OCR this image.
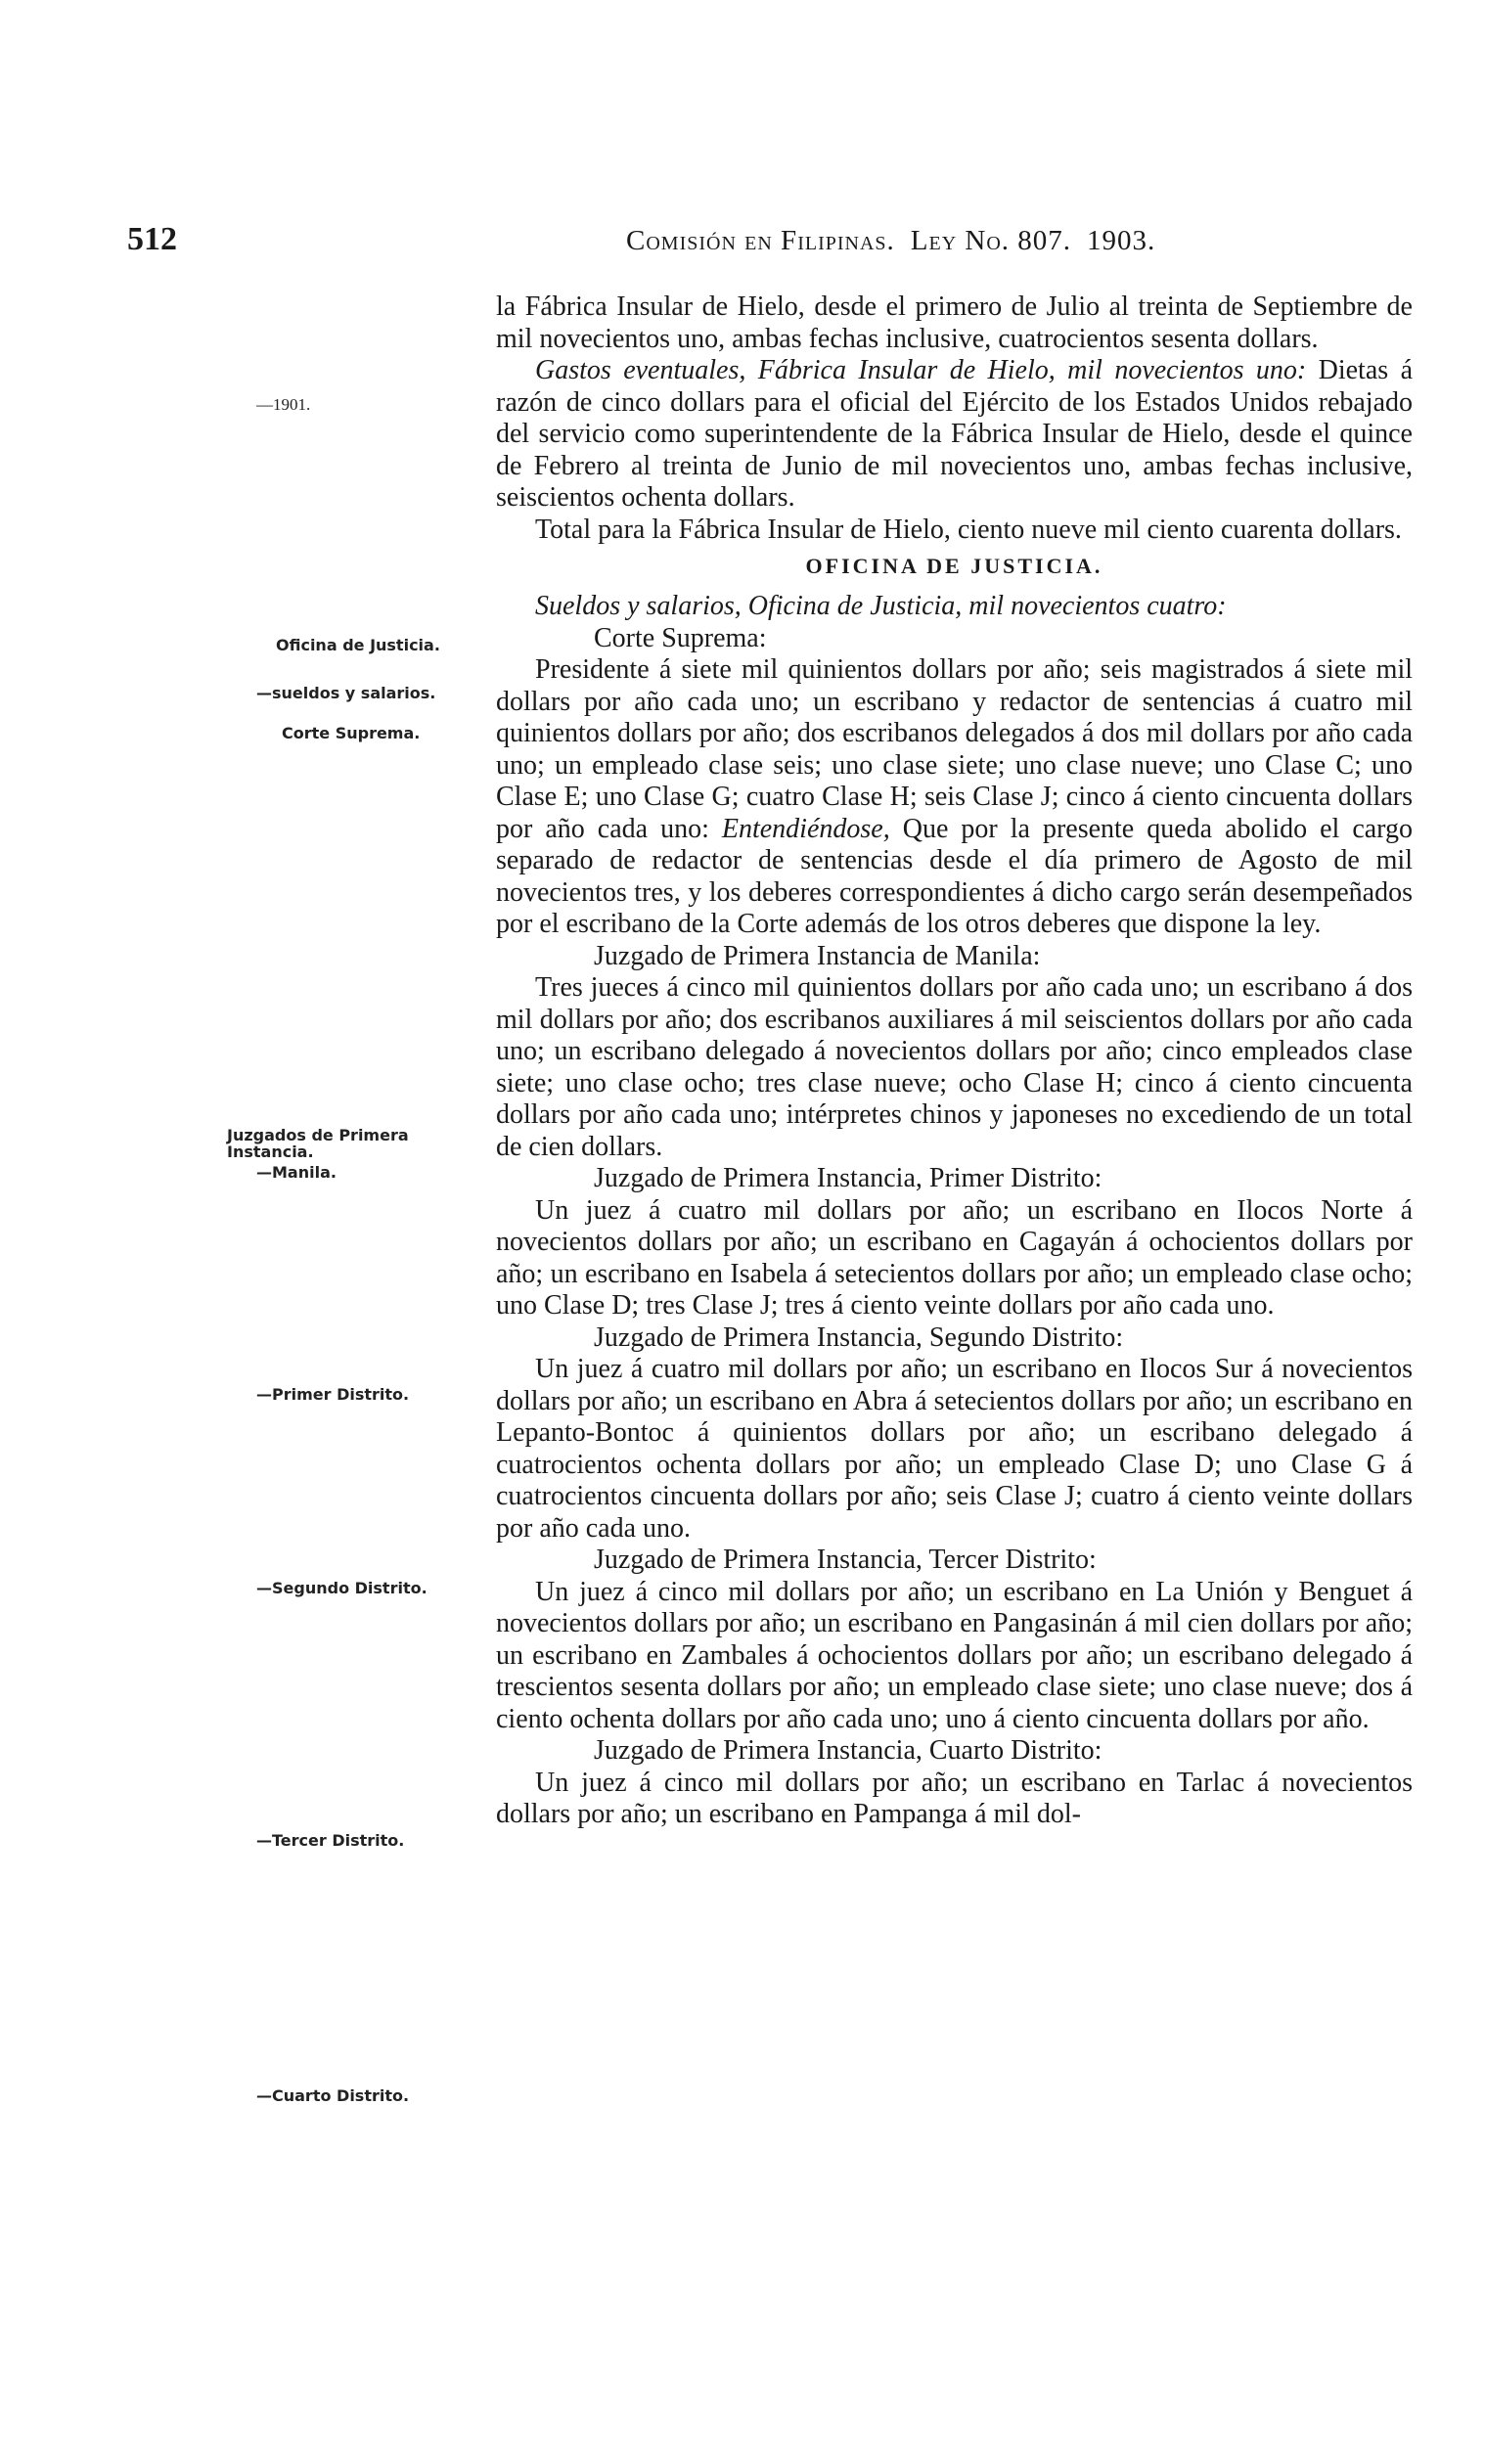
512	Comisión en Filipinas. Ley No. 807. 1903.
—1901.
Oficina de Justicia.
—sueldos y salarios.
Corte Suprema.
Juzgados de Primera Instancia.
—Manila.
—Primer Distrito.
—Segundo Distrito.
—Tercer Distrito.
—Cuarto Distrito.

la Fábrica Insular de Hielo, desde el primero de Julio al treinta de Septiembre de mil novecientos uno, ambas fechas inclusive, cuatrocientos sesenta dollars.

Gastos eventuales, Fábrica Insular de Hielo, mil novecientos uno: Dietas á razón de cinco dollars para el oficial del Ejército de los Estados Unidos rebajado del servicio como superintendente de la Fábrica Insular de Hielo, desde el quince de Febrero al treinta de Junio de mil novecientos uno, ambas fechas inclusive, seiscientos ochenta dollars.

Total para la Fábrica Insular de Hielo, ciento nueve mil ciento cuarenta dollars.

OFICINA DE JUSTICIA.

Sueldos y salarios, Oficina de Justicia, mil novecientos cuatro:

Corte Suprema:

Presidente á siete mil quinientos dollars por año; seis magistrados á siete mil dollars por año cada uno; un escribano y redactor de sentencias á cuatro mil quinientos dollars por año; dos escribanos delegados á dos mil dollars por año cada uno; un empleado clase seis; uno clase siete; uno clase nueve; uno Clase C; uno Clase E; uno Clase G; cuatro Clase H; seis Clase J; cinco á ciento cincuenta dollars por año cada uno: Entendiéndose, Que por la presente queda abolido el cargo separado de redactor de sentencias desde el día primero de Agosto de mil novecientos tres, y los deberes correspondientes á dicho cargo serán desempeñados por el escribano de la Corte además de los otros deberes que dispone la ley.

Juzgado de Primera Instancia de Manila:

Tres jueces á cinco mil quinientos dollars por año cada uno; un escribano á dos mil dollars por año; dos escribanos auxiliares á mil seiscientos dollars por año cada uno; un escribano delegado á novecientos dollars por año; cinco empleados clase siete; uno clase ocho; tres clase nueve; ocho Clase H; cinco á ciento cincuenta dollars por año cada uno; intérpretes chinos y japoneses no excediendo de un total de cien dollars.

Juzgado de Primera Instancia, Primer Distrito:

Un juez á cuatro mil dollars por año; un escribano en Ilocos Norte á novecientos dollars por año; un escribano en Cagayán á ochocientos dollars por año; un escribano en Isabela á setecientos dollars por año; un empleado clase ocho; uno Clase D; tres Clase J; tres á ciento veinte dollars por año cada uno.

Juzgado de Primera Instancia, Segundo Distrito:

Un juez á cuatro mil dollars por año; un escribano en Ilocos Sur á novecientos dollars por año; un escribano en Abra á setecientos dollars por año; un escribano en Lepanto-Bontoc á quinientos dollars por año; un escribano delegado á cuatrocientos ochenta dollars por año; un empleado Clase D; uno Clase G á cuatrocientos cincuenta dollars por año; seis Clase J; cuatro á ciento veinte dollars por año cada uno.

Juzgado de Primera Instancia, Tercer Distrito:

Un juez á cinco mil dollars por año; un escribano en La Unión y Benguet á novecientos dollars por año; un escribano en Pangasinán á mil cien dollars por año; un escribano en Zambales á ochocientos dollars por año; un escribano delegado á trescientos sesenta dollars por año; un empleado clase siete; uno clase nueve; dos á ciento ochenta dollars por año cada uno; uno á ciento cincuenta dollars por año.

Juzgado de Primera Instancia, Cuarto Distrito:

Un juez á cinco mil dollars por año; un escribano en Tarlac á novecientos dollars por año; un escribano en Pampanga á mil dol-
